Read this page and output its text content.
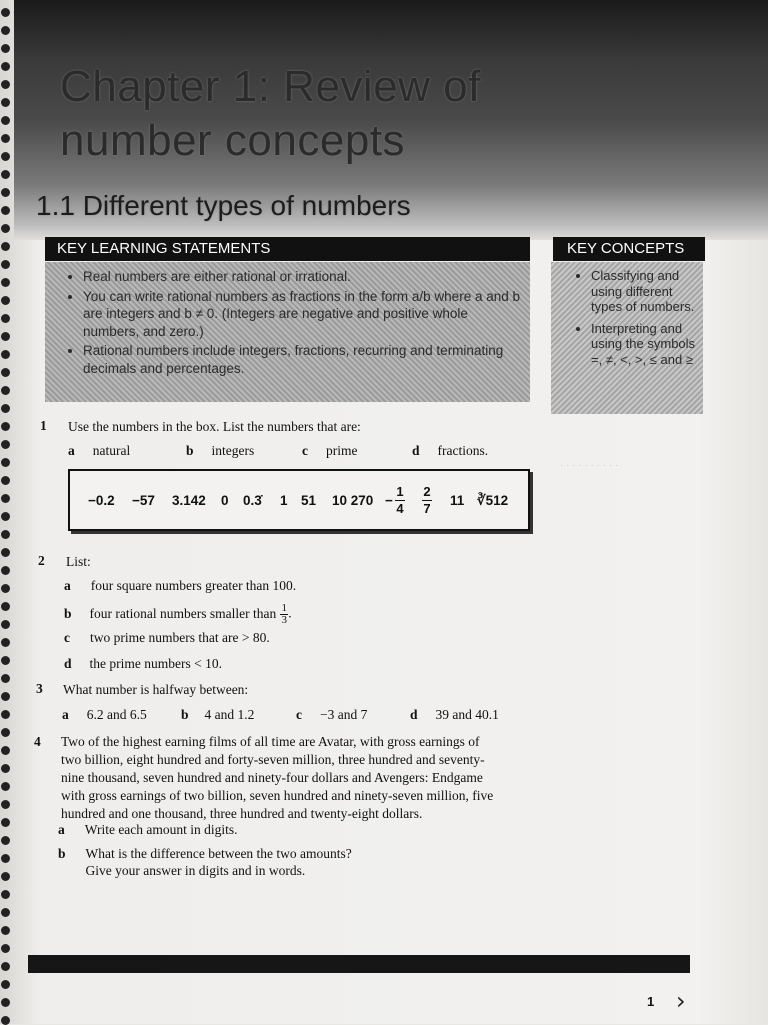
Chapter 1: Review of number concepts
1.1 Different types of numbers
KEY LEARNING STATEMENTS
• Real numbers are either rational or irrational.
• You can write rational numbers as fractions in the form a/b where a and b are integers and b ≠ 0. (Integers are negative and positive whole numbers, and zero.)
• Rational numbers include integers, fractions, recurring and terminating decimals and percentages.
KEY CONCEPTS
• Classifying and using different types of numbers.
• Interpreting and using the symbols =, ≠, <, >, ≤ and ≥
1 Use the numbers in the box. List the numbers that are:
a natural	b integers	c prime	d fractions.
−0.2 −57 3.142 0 0.3̇ 1 51 10 270 −
1
4
2
7
11 ∛512
2 List:
a four square numbers greater than 100.
b four rational numbers smaller than $\frac{1}{3}$ .
c two prime numbers that are > 80.
d the prime numbers < 10.
3 What number is halfway between:
a 6.2 and 6.5	b 4 and 1.2	c −3 and 7	d 39 and 40.1
4 Two of the highest earning films of all time are Avatar, with gross earnings of
two billion, eight hundred and forty-seven million, three hundred and seventy-
nine thousand, seven hundred and ninety-four dollars and Avengers: Endgame
with gross earnings of two billion, seven hundred and ninety-seven million, five
hundred and one thousand, three hundred and twenty-eight dollars.
a Write each amount in digits.
b What is the difference between the two amounts?
Give your answer in digits and in words.
· · · · · · · · · ·
1 ›
